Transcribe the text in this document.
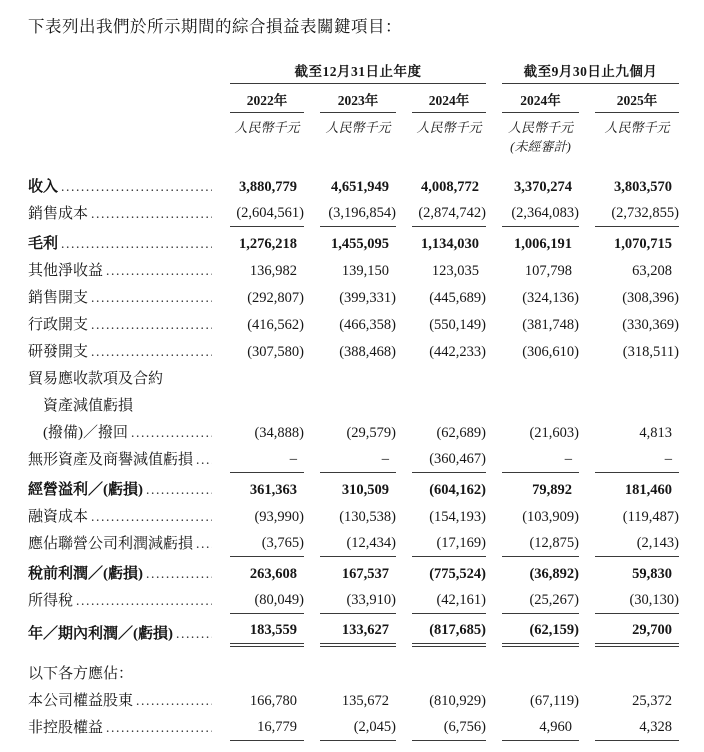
下表列出我們於所示期間的綜合損益表關鍵項目：
截至12月31日止年度	截至9月30日止九個月
2022年	2023年	2024年	2024年	2025年
人民幣千元	人民幣千元	人民幣千元	人民幣千元	人民幣千元
(未經審計)
收入 .....	3,880,779	4,651,949	4,008,772	3,370,274	3,803,570
銷售成本 .....	(2,604,561)	(3,196,854)	(2,874,742)	(2,364,083)	(2,732,855)
毛利 .....	1,276,218	1,455,095	1,134,030	1,006,191	1,070,715
其他淨收益 .....	136,982	139,150	123,035	107,798	63,208
銷售開支 .....	(292,807)	(399,331)	(445,689)	(324,136)	(308,396)
行政開支 .....	(416,562)	(466,358)	(550,149)	(381,748)	(330,369)
研發開支 .....	(307,580)	(388,468)	(442,233)	(306,610)	(318,511)
貿易應收款項及合約
資產減值虧損
(撥備)／撥回 .....	(34,888)	(29,579)	(62,689)	(21,603)	4,813
無形資產及商譽減值虧損 .....	–	–	(360,467)	–	–
經營溢利／(虧損) .....	361,363	310,509	(604,162)	79,892	181,460
融資成本 .....	(93,990)	(130,538)	(154,193)	(103,909)	(119,487)
應佔聯營公司利潤減虧損 .....	(3,765)	(12,434)	(17,169)	(12,875)	(2,143)
稅前利潤／(虧損) .....	263,608	167,537	(775,524)	(36,892)	59,830
所得稅 .....	(80,049)	(33,910)	(42,161)	(25,267)	(30,130)
年／期內利潤／(虧損) .....	183,559	133,627	(817,685)	(62,159)	29,700
以下各方應佔：
本公司權益股東 .....	166,780	135,672	(810,929)	(67,119)	25,372
非控股權益 .....	16,779	(2,045)	(6,756)	4,960	4,328
